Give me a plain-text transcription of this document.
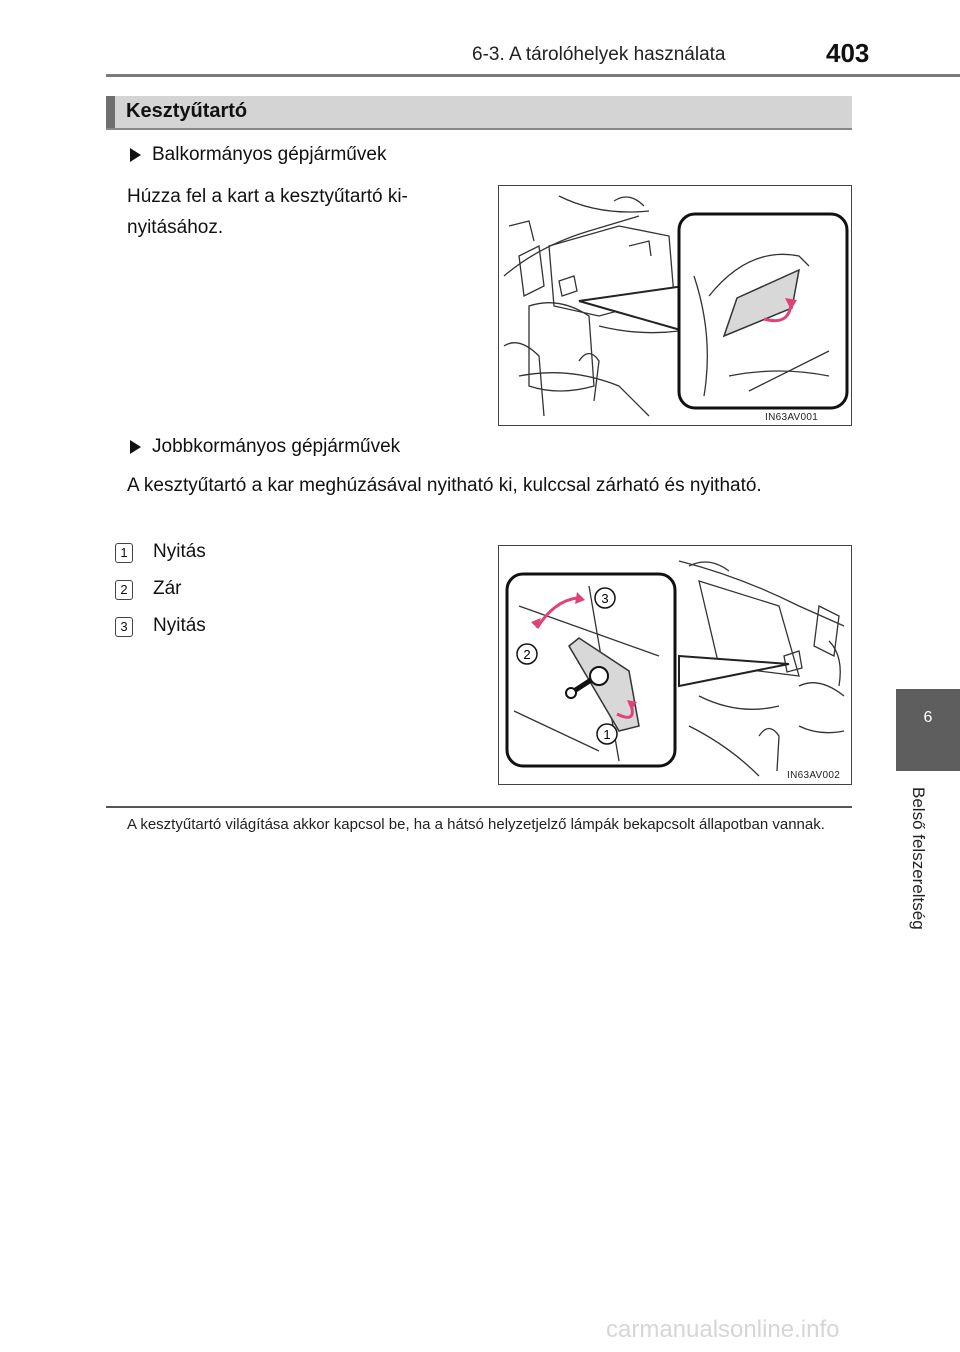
6-3. A tárolóhelyek használata	403
Kesztyűtartó
Balkormányos gépjárművek
Húzza fel a kart a kesztyűtartó ki-nyitásához.
IN63AV001
Jobbkormányos gépjárművek
A kesztyűtartó a kar meghúzásával nyitható ki, kulccsal zárható és nyitható.
1 Nyitás
2 Zár
3 Nyitás
3
2
1
IN63AV002
A kesztyűtartó világítása akkor kapcsol be, ha a hátsó helyzetjelző lámpák bekapcsolt állapotban vannak.
6
Belső felszereltség
carmanualsonline.info
